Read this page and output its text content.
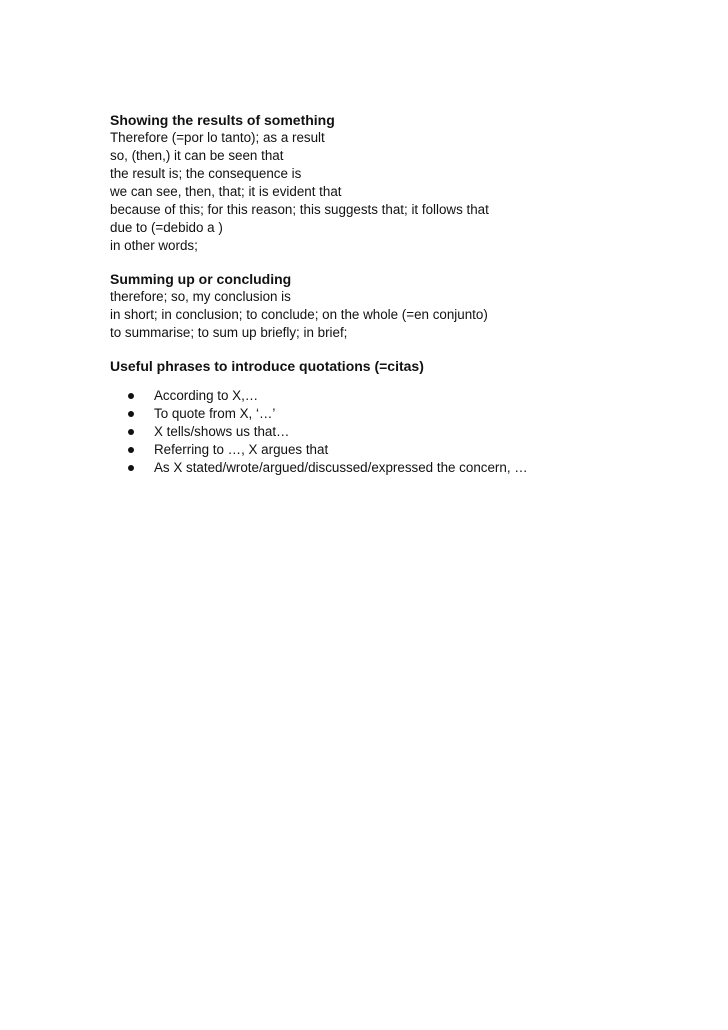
Showing the results of something

Therefore (=por lo tanto); as a result

so, (then,) it can be seen that

the result is; the consequence is

we can see, then, that; it is evident that

because of this; for this reason; this suggests that; it follows that

due to (=debido a )

in other words;

Summing up or concluding

therefore; so, my conclusion is

in short; in conclusion; to conclude; on the whole (=en conjunto)

to summarise; to sum up briefly; in brief;

Useful phrases to introduce quotations (=citas)

According to X,…
To quote from X, ‘…’
X tells/shows us that…
Referring to …, X argues that
As X stated/wrote/argued/discussed/expressed the concern, …
